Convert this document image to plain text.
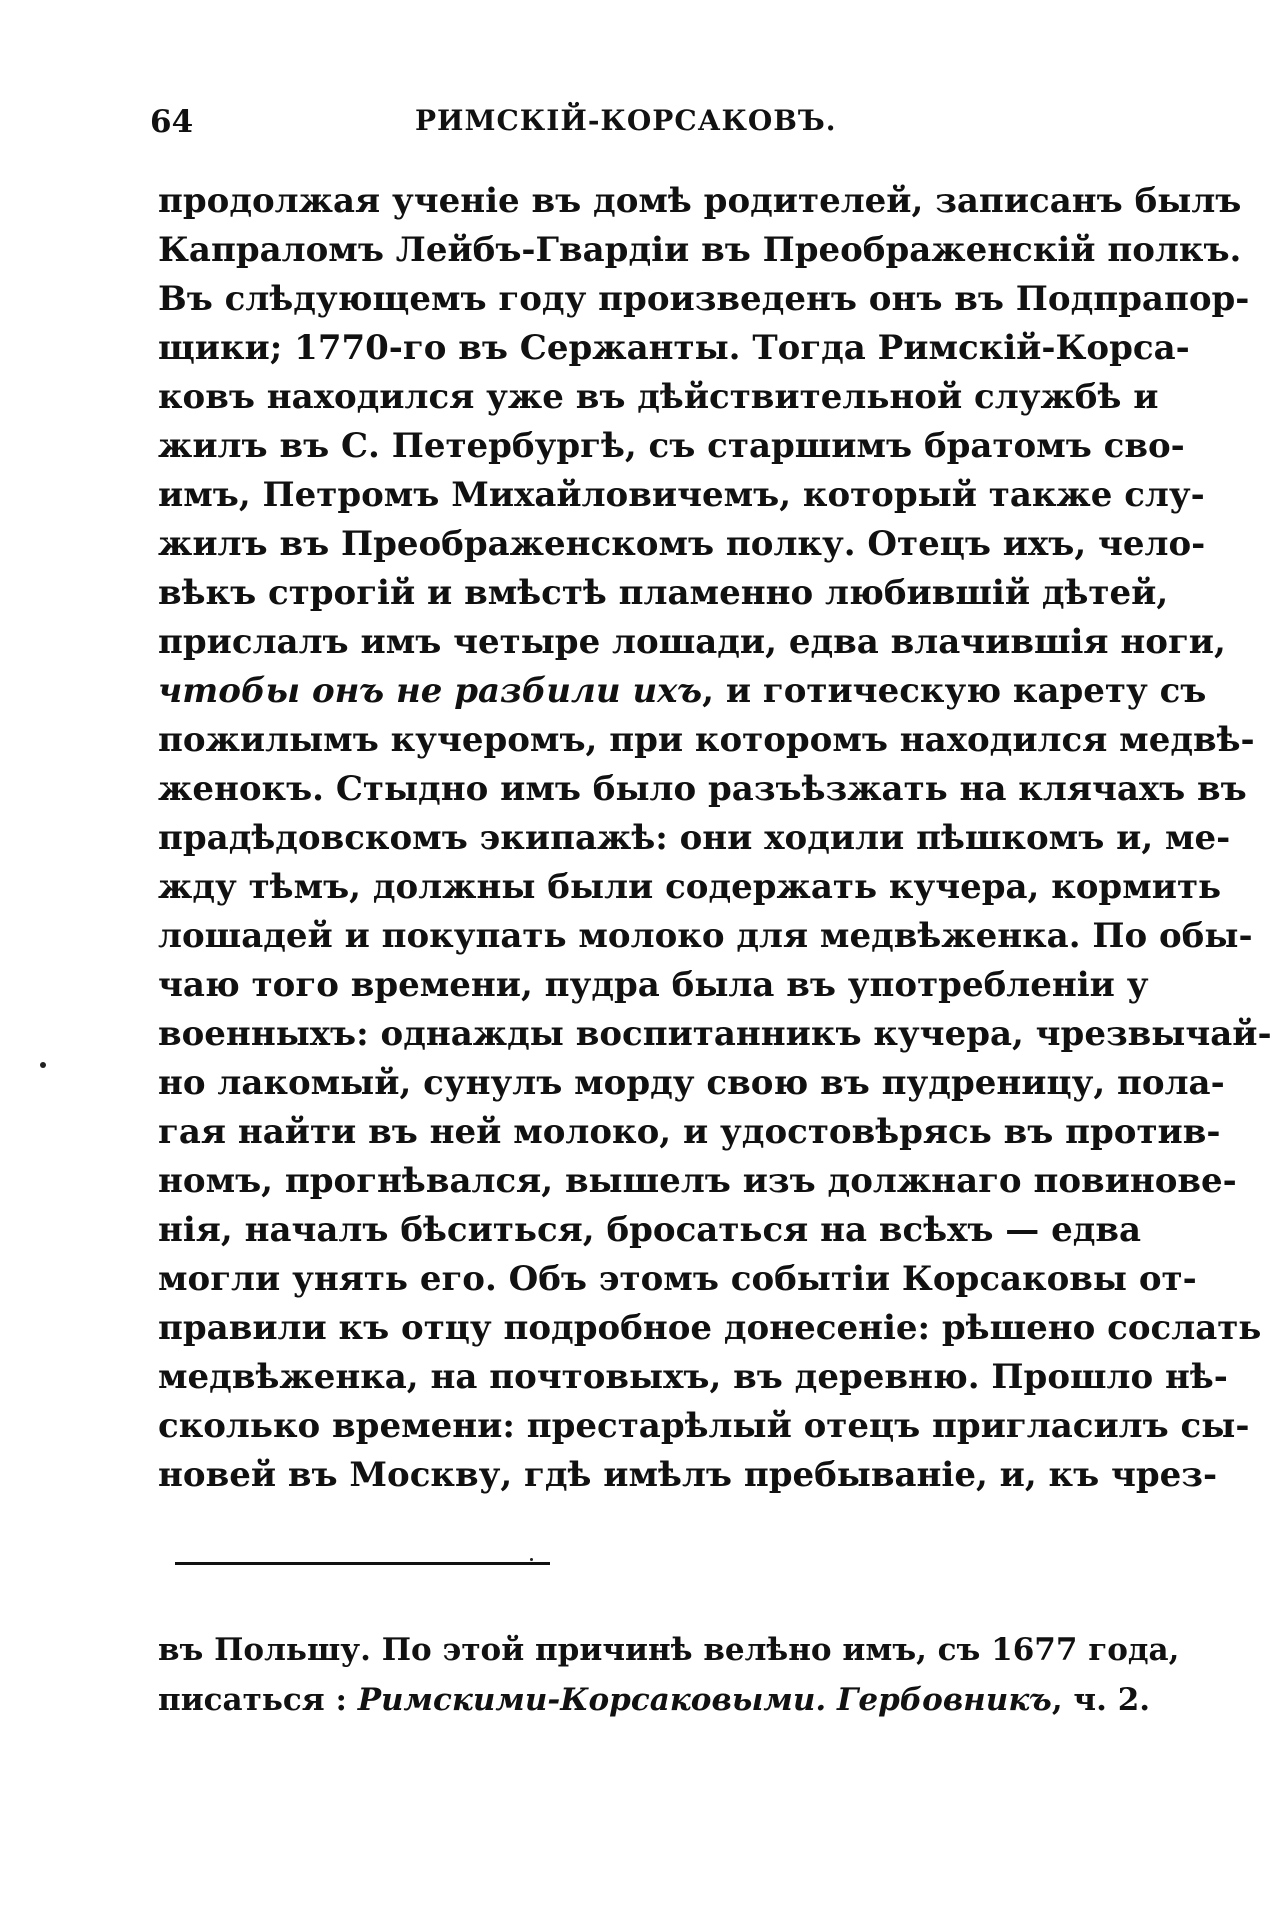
64	РИМСКІЙ-КОРСАКОВЪ.
продолжая ученіе въ домѣ родителей, записанъ былъ
Капраломъ Лейбъ-Гвардіи въ Преображенскій полкъ.
Въ слѣдующемъ году произведенъ онъ въ Подпрапор-
щики; 1770-го въ Сержанты. Тогда Римскій-Корса-
ковъ находился уже въ дѣйствительной службѣ и
жилъ въ С. Петербургѣ, съ старшимъ братомъ сво-
имъ, Петромъ Михайловичемъ, который также слу-
жилъ въ Преображенскомъ полку. Отецъ ихъ, чело-
вѣкъ строгій и вмѣстѣ пламенно любившій дѣтей,
прислалъ имъ четыре лошади, едва влачившія ноги,
чтобы онъ не разбили ихъ, и готическую карету съ
пожилымъ кучеромъ, при которомъ находился медвѣ-
женокъ. Стыдно имъ было разъѣзжать на клячахъ въ
прадѣдовскомъ экипажѣ: они ходили пѣшкомъ и, ме-
жду тѣмъ, должны были содержать кучера, кормить
лошадей и покупать молоко для медвѣженка. По обы-
чаю того времени, пудра была въ употребленіи у
военныхъ: однажды воспитанникъ кучера, чрезвычай-
но лакомый, сунулъ морду свою въ пудреницу, пола-
гая найти въ ней молоко, и удостовѣрясь въ против-
номъ, прогнѣвался, вышелъ изъ должнаго повинове-
нія, началъ бѣситься, бросаться на всѣхъ — едва
могли унять его. Объ этомъ событіи Корсаковы от-
правили къ отцу подробное донесеніе: рѣшено сослать
медвѣженка, на почтовыхъ, въ деревню. Прошло нѣ-
сколько времени: престарѣлый отецъ пригласилъ сы-
новей въ Москву, гдѣ имѣлъ пребываніе, и, къ чрез-
въ Польшу. По этой причинѣ велѣно имъ, съ 1677 года,
писаться : Римскими-Корсаковыми. Гербовникъ, ч. 2.
